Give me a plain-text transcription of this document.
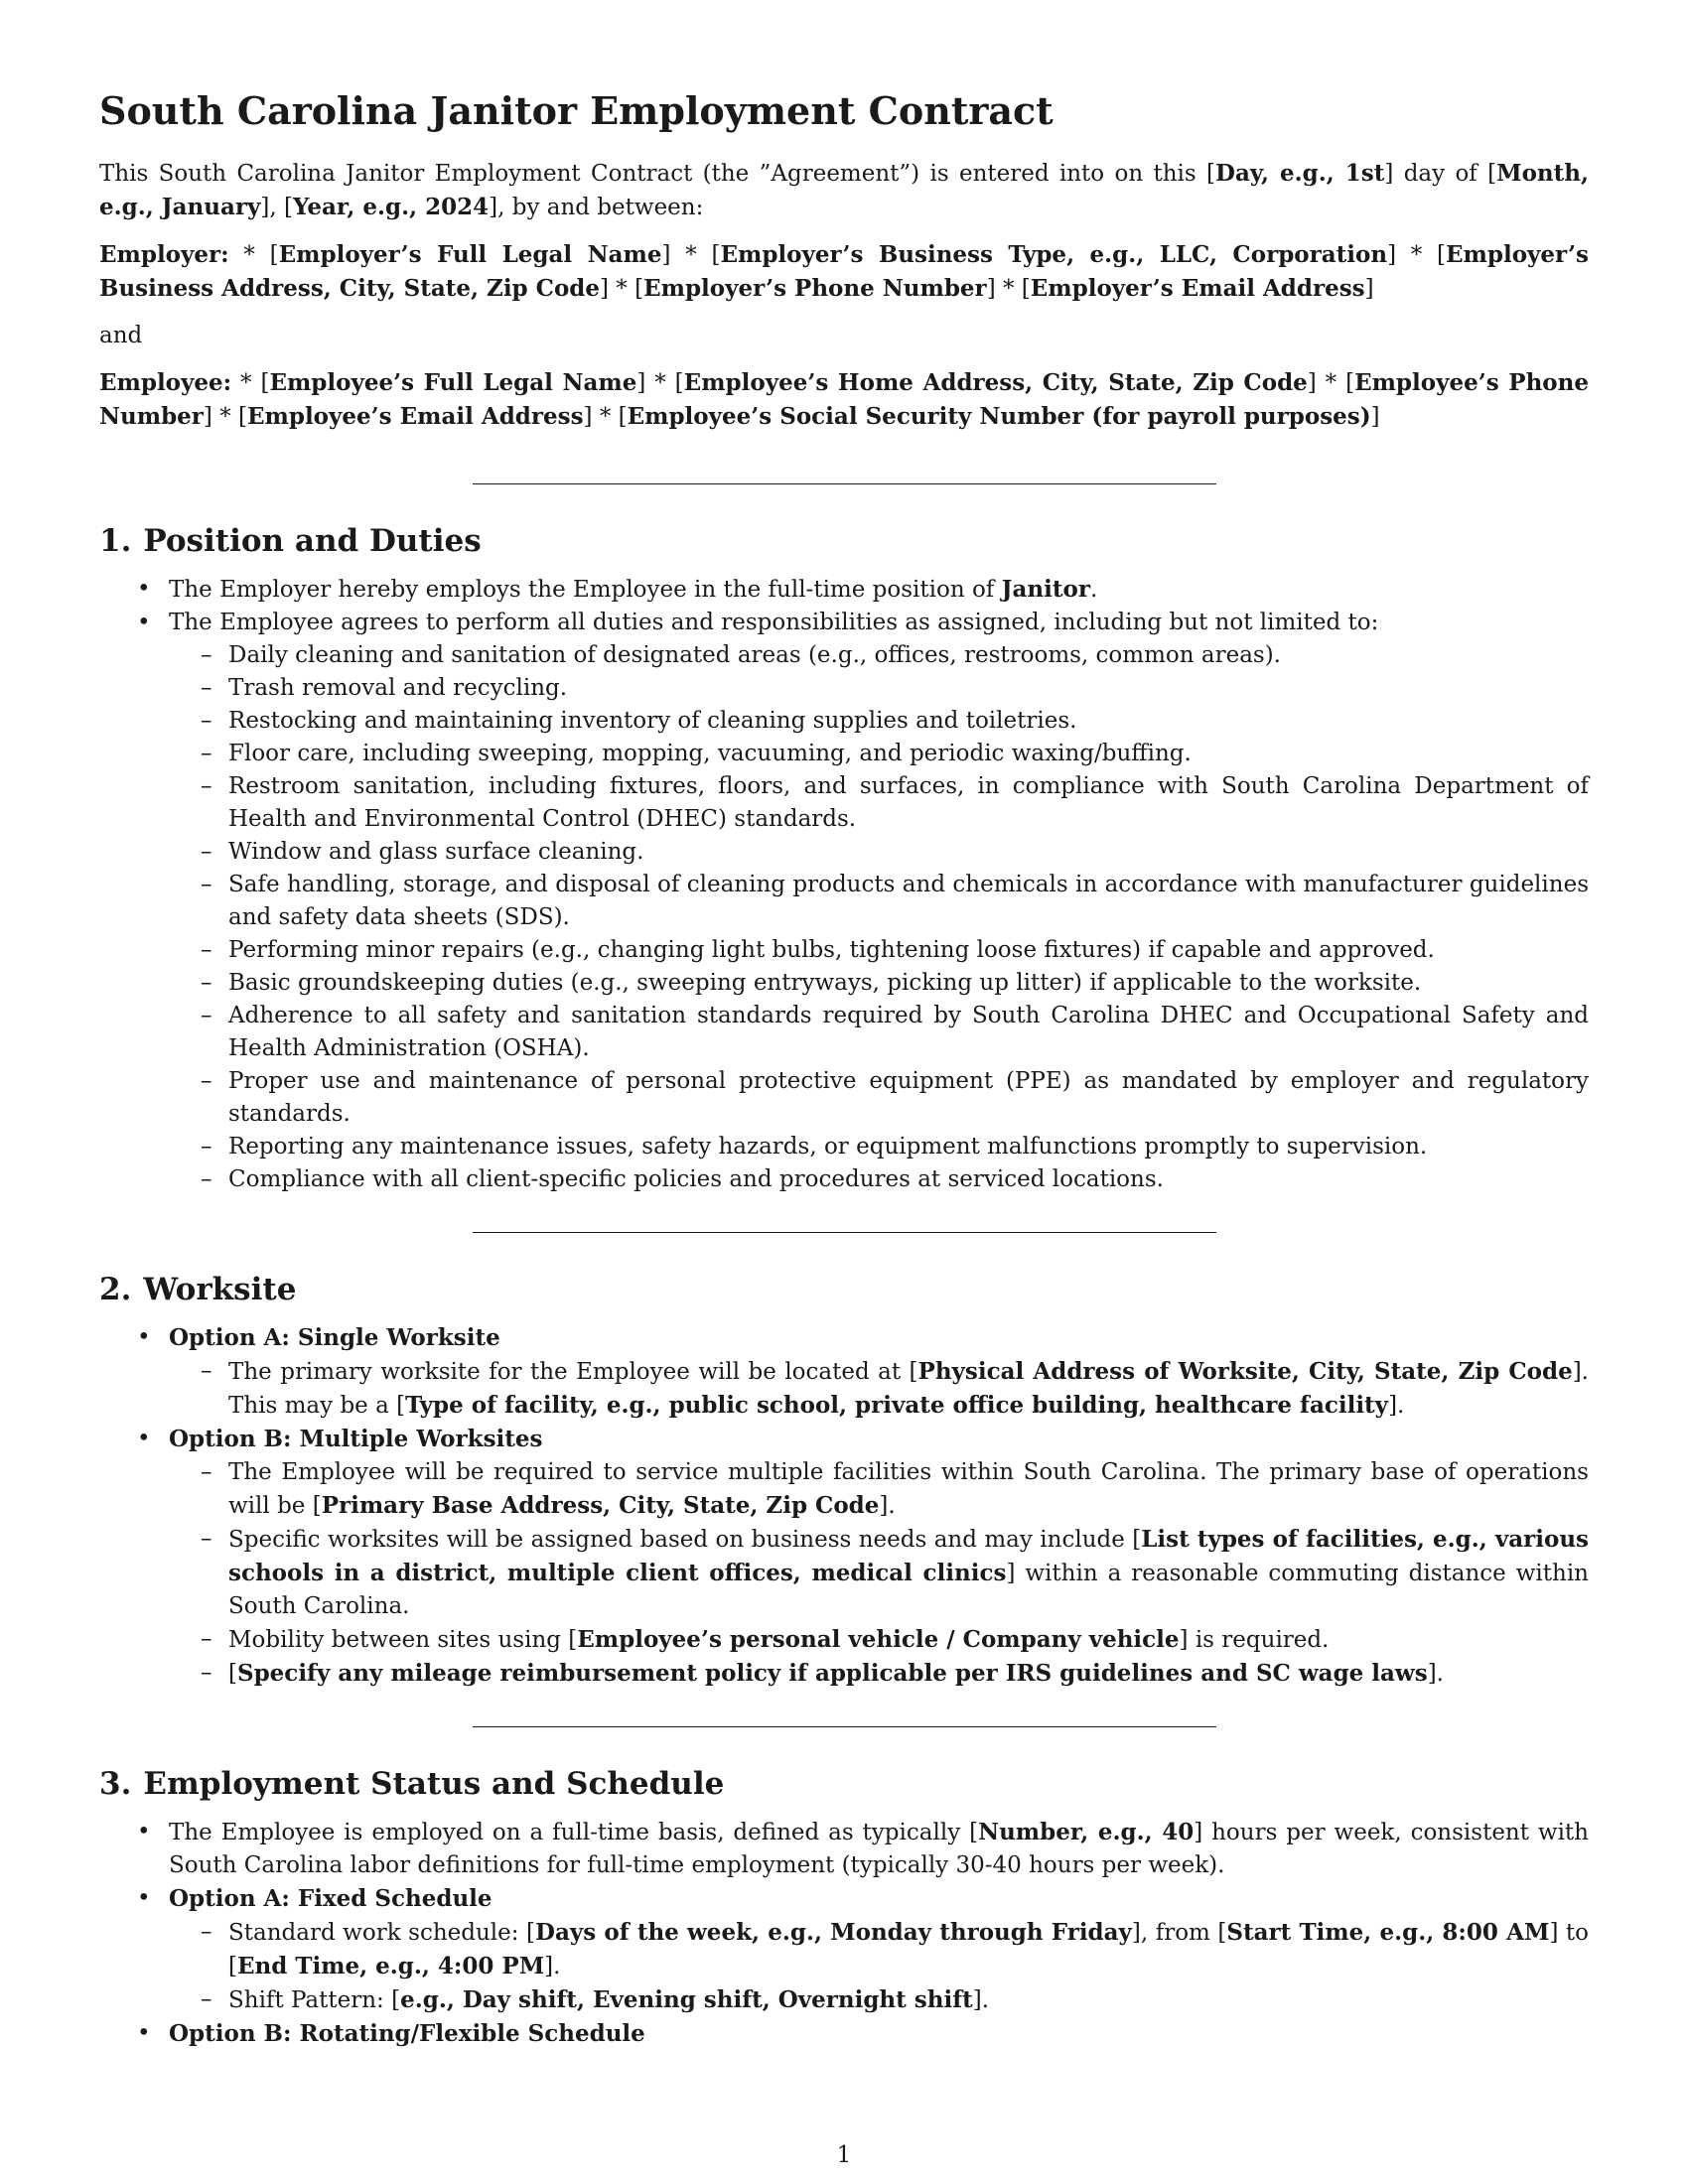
South Carolina Janitor Employment Contract

This South Carolina Janitor Employment Contract (the ”Agreement”) is entered into on this [Day, e.g., 1st] day of [Month, e.g., January], [Year, e.g., 2024], by and between:

Employer: * [Employer’s Full Legal Name] * [Employer’s Business Type, e.g., LLC, Corporation] * [Employer’s Business Address, City, State, Zip Code] * [Employer’s Phone Number] * [Employer’s Email Address]

and

Employee: * [Employee’s Full Legal Name] * [Employee’s Home Address, City, State, Zip Code] * [Employee’s Phone Number] * [Employee’s Email Address] * [Employee’s Social Security Number (for payroll purposes)]

1. Position and Duties
• The Employer hereby employs the Employee in the full-time position of Janitor.
• The Employee agrees to perform all duties and responsibilities as assigned, including but not limited to:
– Daily cleaning and sanitation of designated areas (e.g., offices, restrooms, common areas).
– Trash removal and recycling.
– Restocking and maintaining inventory of cleaning supplies and toiletries.
– Floor care, including sweeping, mopping, vacuuming, and periodic waxing/buffing.
– Restroom sanitation, including fixtures, floors, and surfaces, in compliance with South Carolina Department of Health and Environmental Control (DHEC) standards.
– Window and glass surface cleaning.
– Safe handling, storage, and disposal of cleaning products and chemicals in accordance with manufacturer guidelines and safety data sheets (SDS).
– Performing minor repairs (e.g., changing light bulbs, tightening loose fixtures) if capable and approved.
– Basic groundskeeping duties (e.g., sweeping entryways, picking up litter) if applicable to the worksite.
– Adherence to all safety and sanitation standards required by South Carolina DHEC and Occupational Safety and Health Administration (OSHA).
– Proper use and maintenance of personal protective equipment (PPE) as mandated by employer and regulatory standards.
– Reporting any maintenance issues, safety hazards, or equipment malfunctions promptly to supervision.
– Compliance with all client-specific policies and procedures at serviced locations.
2. Worksite
• Option A: Single Worksite
– The primary worksite for the Employee will be located at [Physical Address of Worksite, City, State, Zip Code]. This may be a [Type of facility, e.g., public school, private office building, healthcare facility].
• Option B: Multiple Worksites
– The Employee will be required to service multiple facilities within South Carolina. The primary base of operations will be [Primary Base Address, City, State, Zip Code].
– Specific worksites will be assigned based on business needs and may include [List types of facilities, e.g., various schools in a district, multiple client offices, medical clinics] within a reasonable commuting distance within South Carolina.
– Mobility between sites using [Employee’s personal vehicle / Company vehicle] is required.
– [Specify any mileage reimbursement policy if applicable per IRS guidelines and SC wage laws].
3. Employment Status and Schedule
• The Employee is employed on a full-time basis, defined as typically [Number, e.g., 40] hours per week, consistent with South Carolina labor definitions for full-time employment (typically 30-40 hours per week).
• Option A: Fixed Schedule
– Standard work schedule: [Days of the week, e.g., Monday through Friday], from [Start Time, e.g., 8:00 AM] to [End Time, e.g., 4:00 PM].
– Shift Pattern: [e.g., Day shift, Evening shift, Overnight shift].
• Option B: Rotating/Flexible Schedule
1
